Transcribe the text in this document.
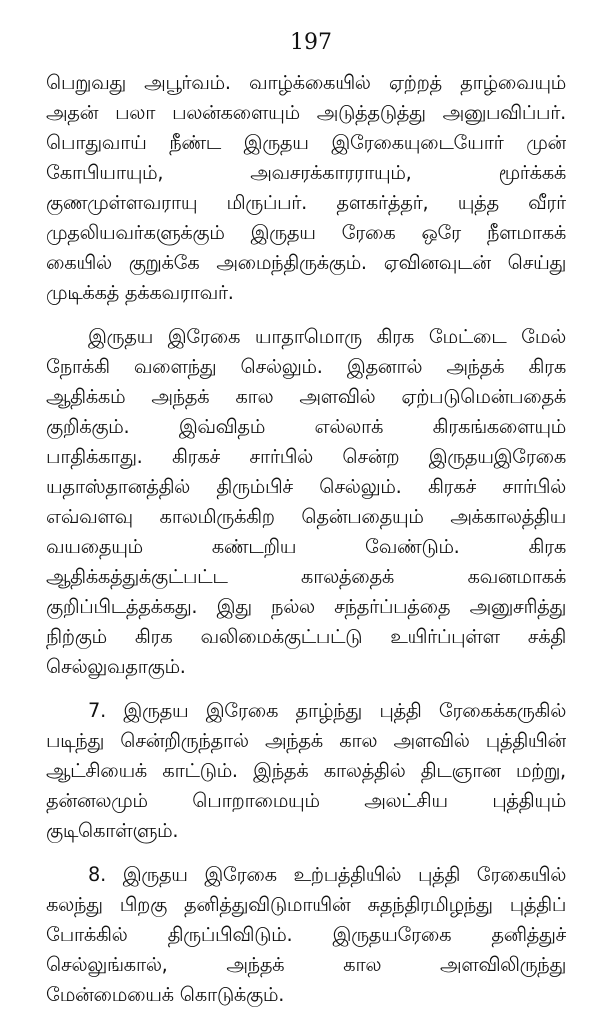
197
பெறுவது அபூர்வம். வாழ்க்கையில் ஏற்றத் தாழ்வையும்
அதன் பலா பலன்களையும் அடுத்தடுத்து அனுபவிப்பர்.
பொதுவாய் நீண்ட இருதய இரேகையுடையோர் முன்
கோபியாயும், அவசரக்காரராயும், மூர்க்கக்
குணமுள்ளவராயு மிருப்பர். தளகர்த்தர், யுத்த வீரர்
முதலியவர்களுக்கும் இருதய ரேகை ஒரே நீளமாகக்
கையில் குறுக்கே அமைந்திருக்கும். ஏவினவுடன் செய்து
முடிக்கத் தக்கவராவர்.
இருதய இரேகை யாதாமொரு கிரக மேட்டை மேல்
நோக்கி வளைந்து செல்லும். இதனால் அந்தக் கிரக
ஆதிக்கம் அந்தக் கால அளவில் ஏற்படுமென்பதைக்
குறிக்கும். இவ்விதம் எல்லாக் கிரகங்களையும்
பாதிக்காது. கிரகச் சார்பில் சென்ற இருதயஇரேகை
யதாஸ்தானத்தில் திரும்பிச் செல்லும். கிரகச் சார்பில்
எவ்வளவு காலமிருக்கிற தென்பதையும் அக்காலத்திய
வயதையும் கண்டறிய வேண்டும். கிரக
ஆதிக்கத்துக்குட்பட்ட காலத்தைக் கவனமாகக்
குறிப்பிடத்தக்கது. இது நல்ல சந்தர்ப்பத்தை அனுசரித்து
நிற்கும் கிரக வலிமைக்குட்பட்டு உயிர்ப்புள்ள சக்தி
செல்லுவதாகும்.
7. இருதய இரேகை தாழ்ந்து புத்தி ரேகைக்கருகில்
படிந்து சென்றிருந்தால் அந்தக் கால அளவில் புத்தியின்
ஆட்சியைக் காட்டும். இந்தக் காலத்தில் திடஞான மற்று,
தன்னலமும் பொறாமையும் அலட்சிய புத்தியும்
குடிகொள்ளும்.
8. இருதய இரேகை உற்பத்தியில் புத்தி ரேகையில்
கலந்து பிறகு தனித்துவிடுமாயின் சுதந்திரமிழந்து புத்திப்
போக்கில் திருப்பிவிடும். இருதயரேகை தனித்துச்
செல்லுங்கால், அந்தக் கால அளவிலிருந்து
மேன்மையைக் கொடுக்கும்.
